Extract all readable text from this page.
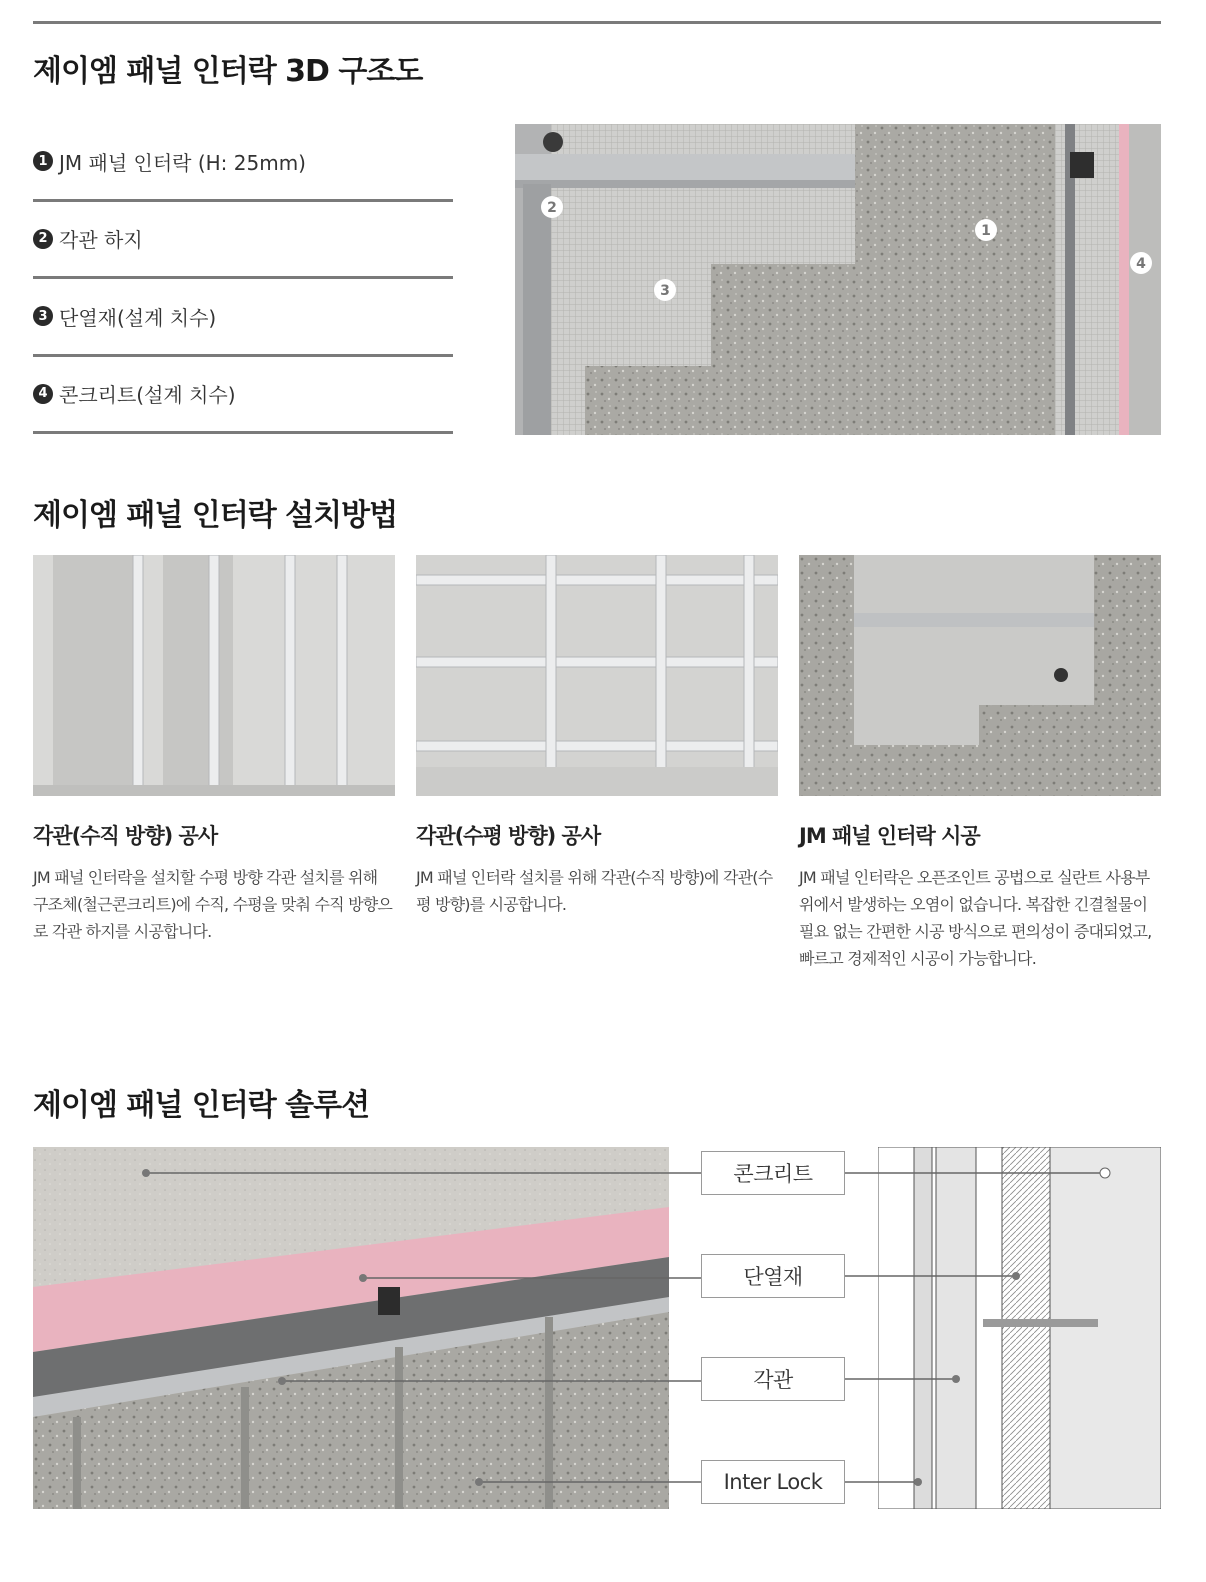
제이엠 패널 인터락 3D 구조도
1 JM 패널 인터락 (H: 25mm)
2 각관 하지
3 단열재(설계 치수)
4 콘크리트(설계 치수)
1
2
3
4
제이엠 패널 인터락 설치방법
각관(수직 방향) 공사	각관(수평 방향) 공사	JM 패널 인터락 시공

JM 패널 인터락을 설치할 수평 방향 각관 설치를 위해 구조체(철근콘크리트)에 수직, 수평을 맞춰 수직 방향으로 각관 하지를 시공합니다.

JM 패널 인터락 설치를 위해 각관(수직 방향)에 각관(수평 방향)를 시공합니다.

JM 패널 인터락은 오픈조인트 공법으로 실란트 사용부위에서 발생하는 오염이 없습니다. 복잡한 긴결철물이 필요 없는 간편한 시공 방식으로 편의성이 증대되었고, 빠르고 경제적인 시공이 가능합니다.

제이엠 패널 인터락 솔루션
콘크리트
단열재
각관
Inter Lock
